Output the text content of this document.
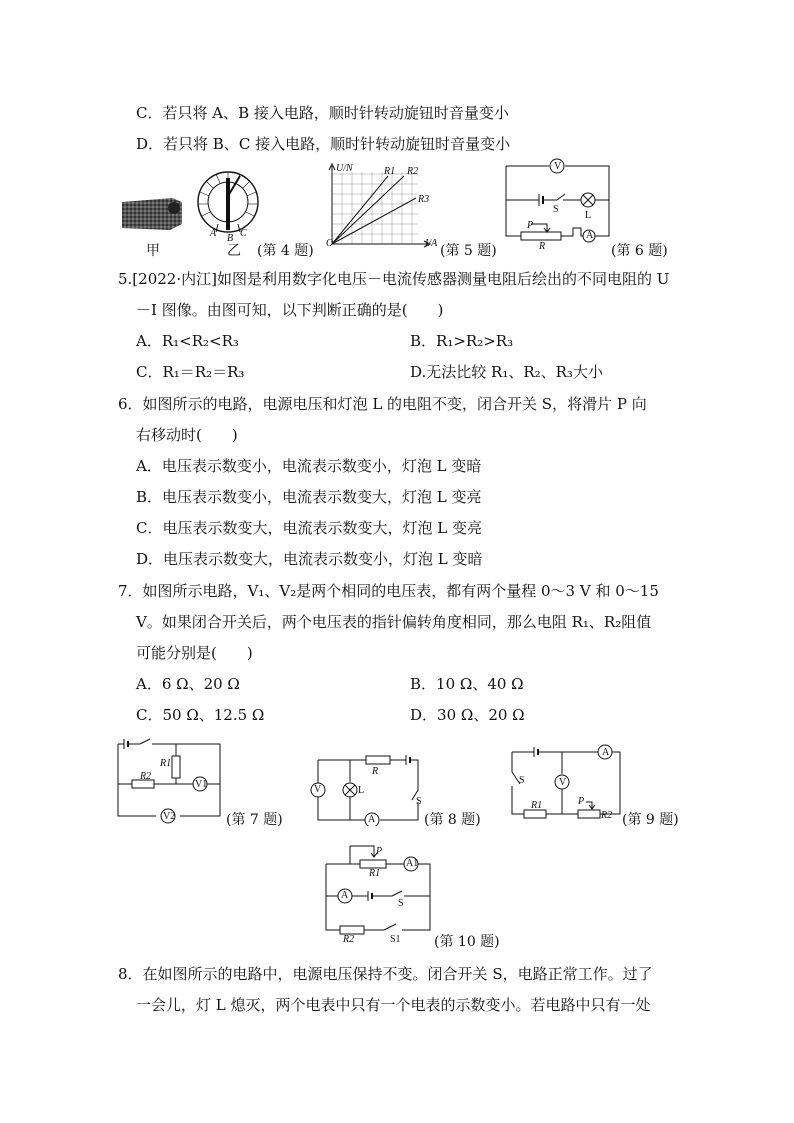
C．若只将 A、B 接入电路，顺时针转动旋钮时音量变小
D．若只将 B、C 接入电路，顺时针转动旋钮时音量变小
甲
A B C
乙 (第 4 题)
U/N	R1 R2
R3
O	I/A (第 5 题)
V
S
L
P
R
A
(第 6 题)
5.[2022·内江]如图是利用数字化电压－电流传感器测量电阻后绘出的不同电阻的 U
－I 图像。由图可知，以下判断正确的是(　　)
A．R₁<R₂<R₃	B．R₁>R₂>R₃
C．R₁＝R₂＝R₃	D.无法比较 R₁、R₂、R₃大小
6．如图所示的电路，电源电压和灯泡 L 的电阻不变，闭合开关 S，将滑片 P 向
右移动时(　　)
A．电压表示数变小，电流表示数变小，灯泡 L 变暗
B．电压表示数变小，电流表示数变大，灯泡 L 变亮
C．电压表示数变大，电流表示数变大，灯泡 L 变亮
D．电压表示数变大，电流表示数变小，灯泡 L 变暗
7．如图所示电路，V₁、V₂是两个相同的电压表，都有两个量程 0～3 V 和 0～15
V。如果闭合开关后，两个电压表的指针偏转角度相同，那么电阻 R₁、R₂阻值
可能分别是(　　)
A．6 Ω、20 Ω	B．10 Ω、40 Ω
C．50 Ω、12.5 Ω	D．30 Ω、20 Ω
R1
R2
V1
V2	(第 7 题)
R
V	L
S
A	(第 8 题)
A
V
S
R1	P
R2 (第 9 题)
P
R1
A1
A
S
R2	S1 (第 10 题)
8．在如图所示的电路中，电源电压保持不变。闭合开关 S，电路正常工作。过了
一会儿，灯 L 熄灭，两个电表中只有一个电表的示数变小。若电路中只有一处
